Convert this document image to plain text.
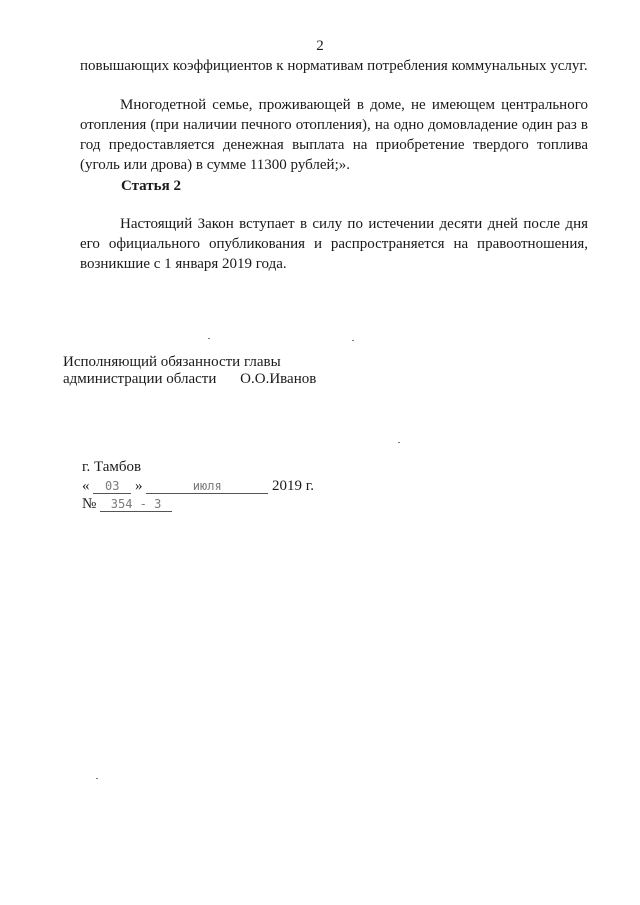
2
повышающих коэффициентов к нормативам потребления коммунальных услуг.
Многодетной семье, проживающей в доме, не имеющем центрального отопления (при наличии печного отопления), на одно домовладение один раз в год предоставляется денежная выплата на приобретение твердого топлива (уголь или дрова) в сумме 11300 рублей;».
Статья 2
Настоящий Закон вступает в силу по истечении десяти дней после дня его официального опубликования и распространяется на правоотношения, возникшие с 1 января 2019 года.
Исполняющий обязанности главы
администрации области О.О.Иванов
г. Тамбов
« 03 »	июля	2019 г.
№ 354 - З
